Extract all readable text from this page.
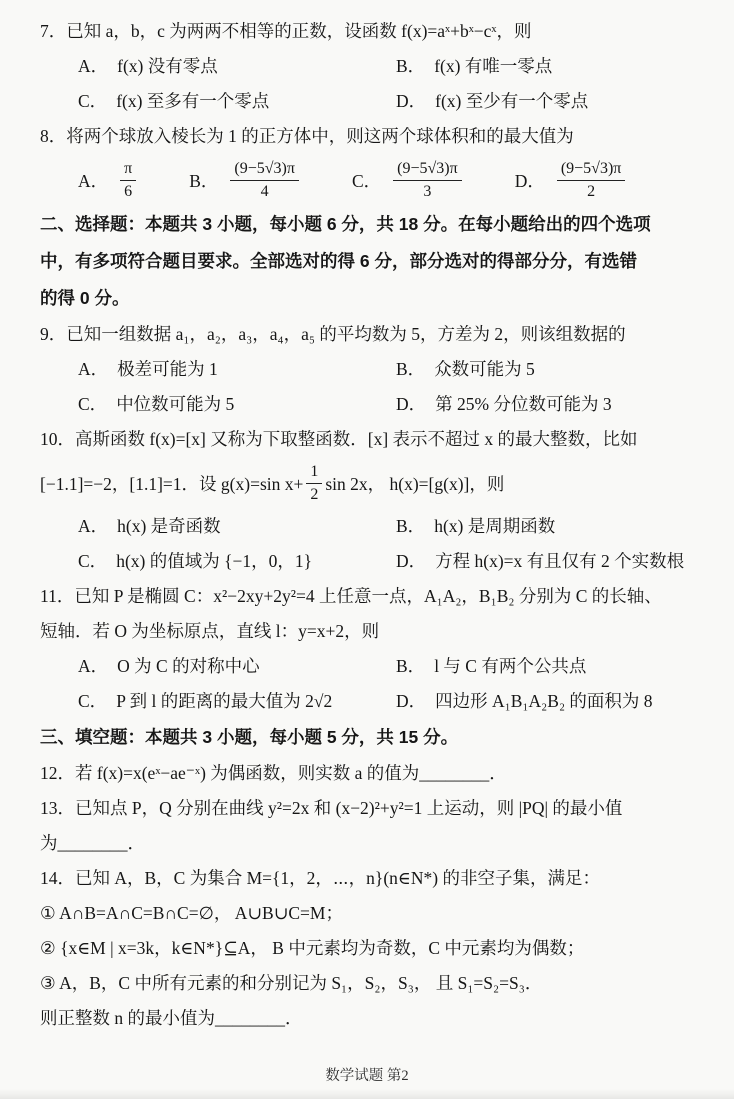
7．已知 a，b，c 为两两不相等的正数，设函数 f(x)=aˣ+bˣ−cˣ，则
A． f(x) 没有零点	B． f(x) 有唯一零点
C． f(x) 至多有一个零点	D． f(x) 至少有一个零点
8．将两个球放入棱长为 1 的正方体中，则这两个球体积和的最大值为
A． $\frac{\pi}{6}$	B． $\frac{(9-5√3)\pi}{4}$	C． $\frac{(9-5√3)\pi}{3}$	D． $\frac{(9-5√3)\pi}{2}$
二、选择题：本题共 3 小题，每小题 6 分，共 18 分。在每小题给出的四个选项
中，有多项符合题目要求。全部选对的得 6 分，部分选对的得部分分，有选错
的得 0 分。
9．已知一组数据 a₁，a₂，a₃，a₄，a₅ 的平均数为 5，方差为 2，则该组数据的
A． 极差可能为 1	B． 众数可能为 5
C． 中位数可能为 5	D． 第 25% 分位数可能为 3
10．高斯函数 f(x)=[x] 又称为下取整函数．[x] 表示不超过 x 的最大整数，比如
[−1.1]=−2，[1.1]=1．设 g(x)=sin $x+ \frac{1}{2}$ sin 2x， h(x)=[g(x)]，则
A． h(x) 是奇函数	B． h(x) 是周期函数
C． h(x) 的值域为 {−1，0，1}	D． 方程 h(x)=x 有且仅有 2 个实数根
11．已知 P 是椭圆 C：x²−2xy+2y²=4 上任意一点，A₁A₂，B₁B₂ 分别为 C 的长轴、
短轴．若 O 为坐标原点，直线 l：y=x+2，则
A． O 为 C 的对称中心	B． l 与 C 有两个公共点
C． P 到 l 的距离的最大值为 2√2	D． 四边形 A₁B₁A₂B₂ 的面积为 8
三、填空题：本题共 3 小题，每小题 5 分，共 15 分。
12．若 f(x)=x(eˣ−ae⁻ˣ) 为偶函数，则实数 a 的值为________．
13．已知点 P，Q 分别在曲线 y²=2x 和 (x−2)²+y²=1 上运动，则 |PQ| 的最小值
为________．
14．已知 A，B，C 为集合 M={1，2，⋯，n}(n∈N*) 的非空子集，满足：
① A∩B=A∩C=B∩C=∅， A∪B∪C=M；
② {x∈M | x=3k，k∈N*}⊆A， B 中元素均为奇数，C 中元素均为偶数；
③ A，B，C 中所有元素的和分别记为 S₁，S₂，S₃， 且 S₁=S₂=S₃．
则正整数 n 的最小值为________．
数学试题 第2
